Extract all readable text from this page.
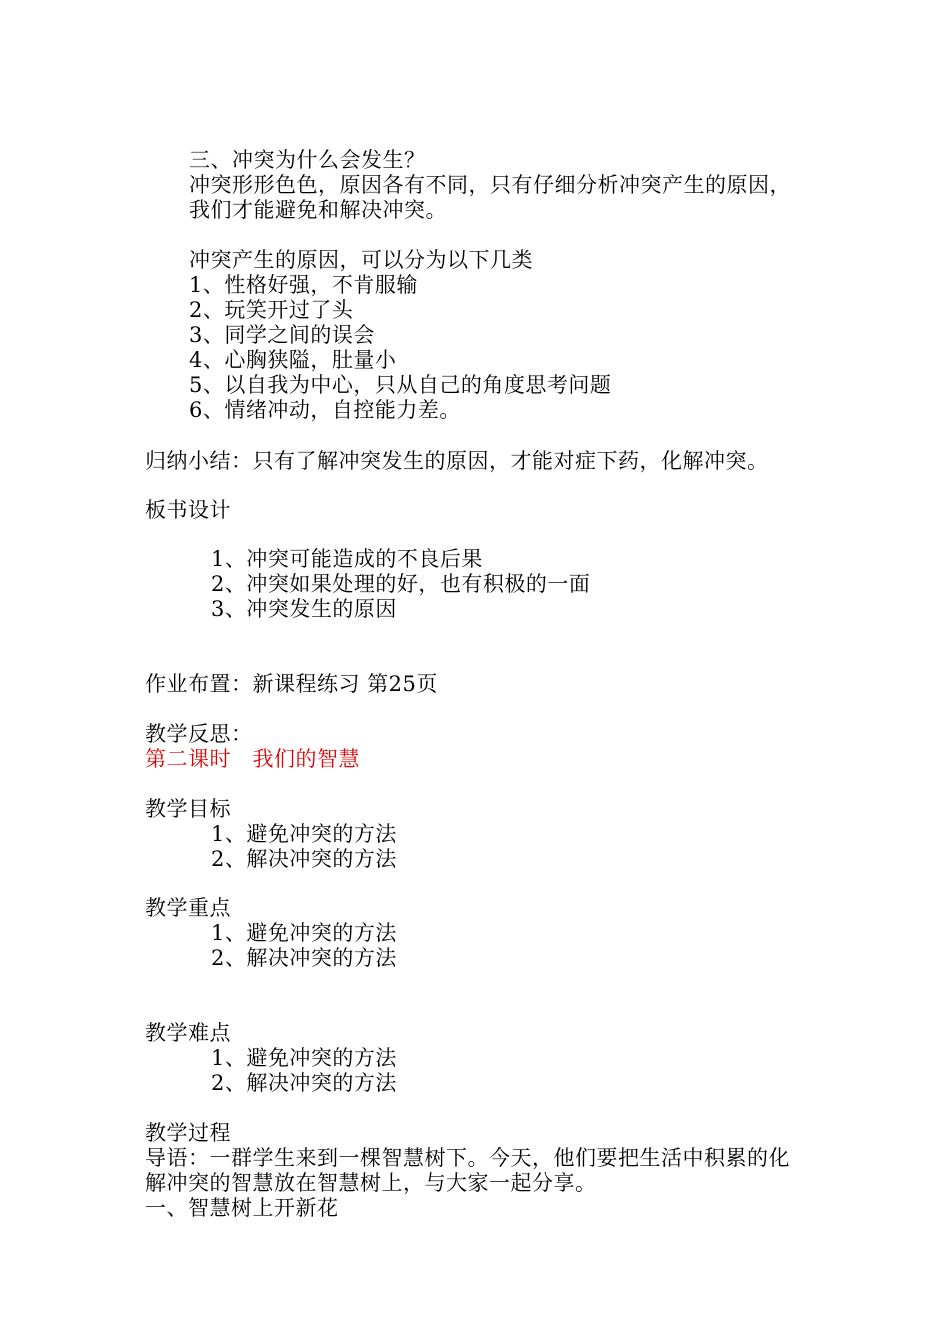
三、冲突为什么会发生？
冲突形形色色，原因各有不同，只有仔细分析冲突产生的原因，
我们才能避免和解决冲突。
冲突产生的原因，可以分为以下几类
1、性格好强，不肯服输
2、玩笑开过了头
3、同学之间的误会
4、心胸狭隘，肚量小
5、以自我为中心，只从自己的角度思考问题
6、情绪冲动，自控能力差。
归纳小结：只有了解冲突发生的原因，才能对症下药，化解冲突。
板书设计
1、冲突可能造成的不良后果
2、冲突如果处理的好，也有积极的一面
3、冲突发生的原因
作业布置：新课程练习 第25页
教学反思：
第二课时   我们的智慧
教学目标
1、避免冲突的方法
2、解决冲突的方法
教学重点
1、避免冲突的方法
2、解决冲突的方法
教学难点
1、避免冲突的方法
2、解决冲突的方法
教学过程
导语：一群学生来到一棵智慧树下。今天，他们要把生活中积累的化
解冲突的智慧放在智慧树上，与大家一起分享。
一、智慧树上开新花
